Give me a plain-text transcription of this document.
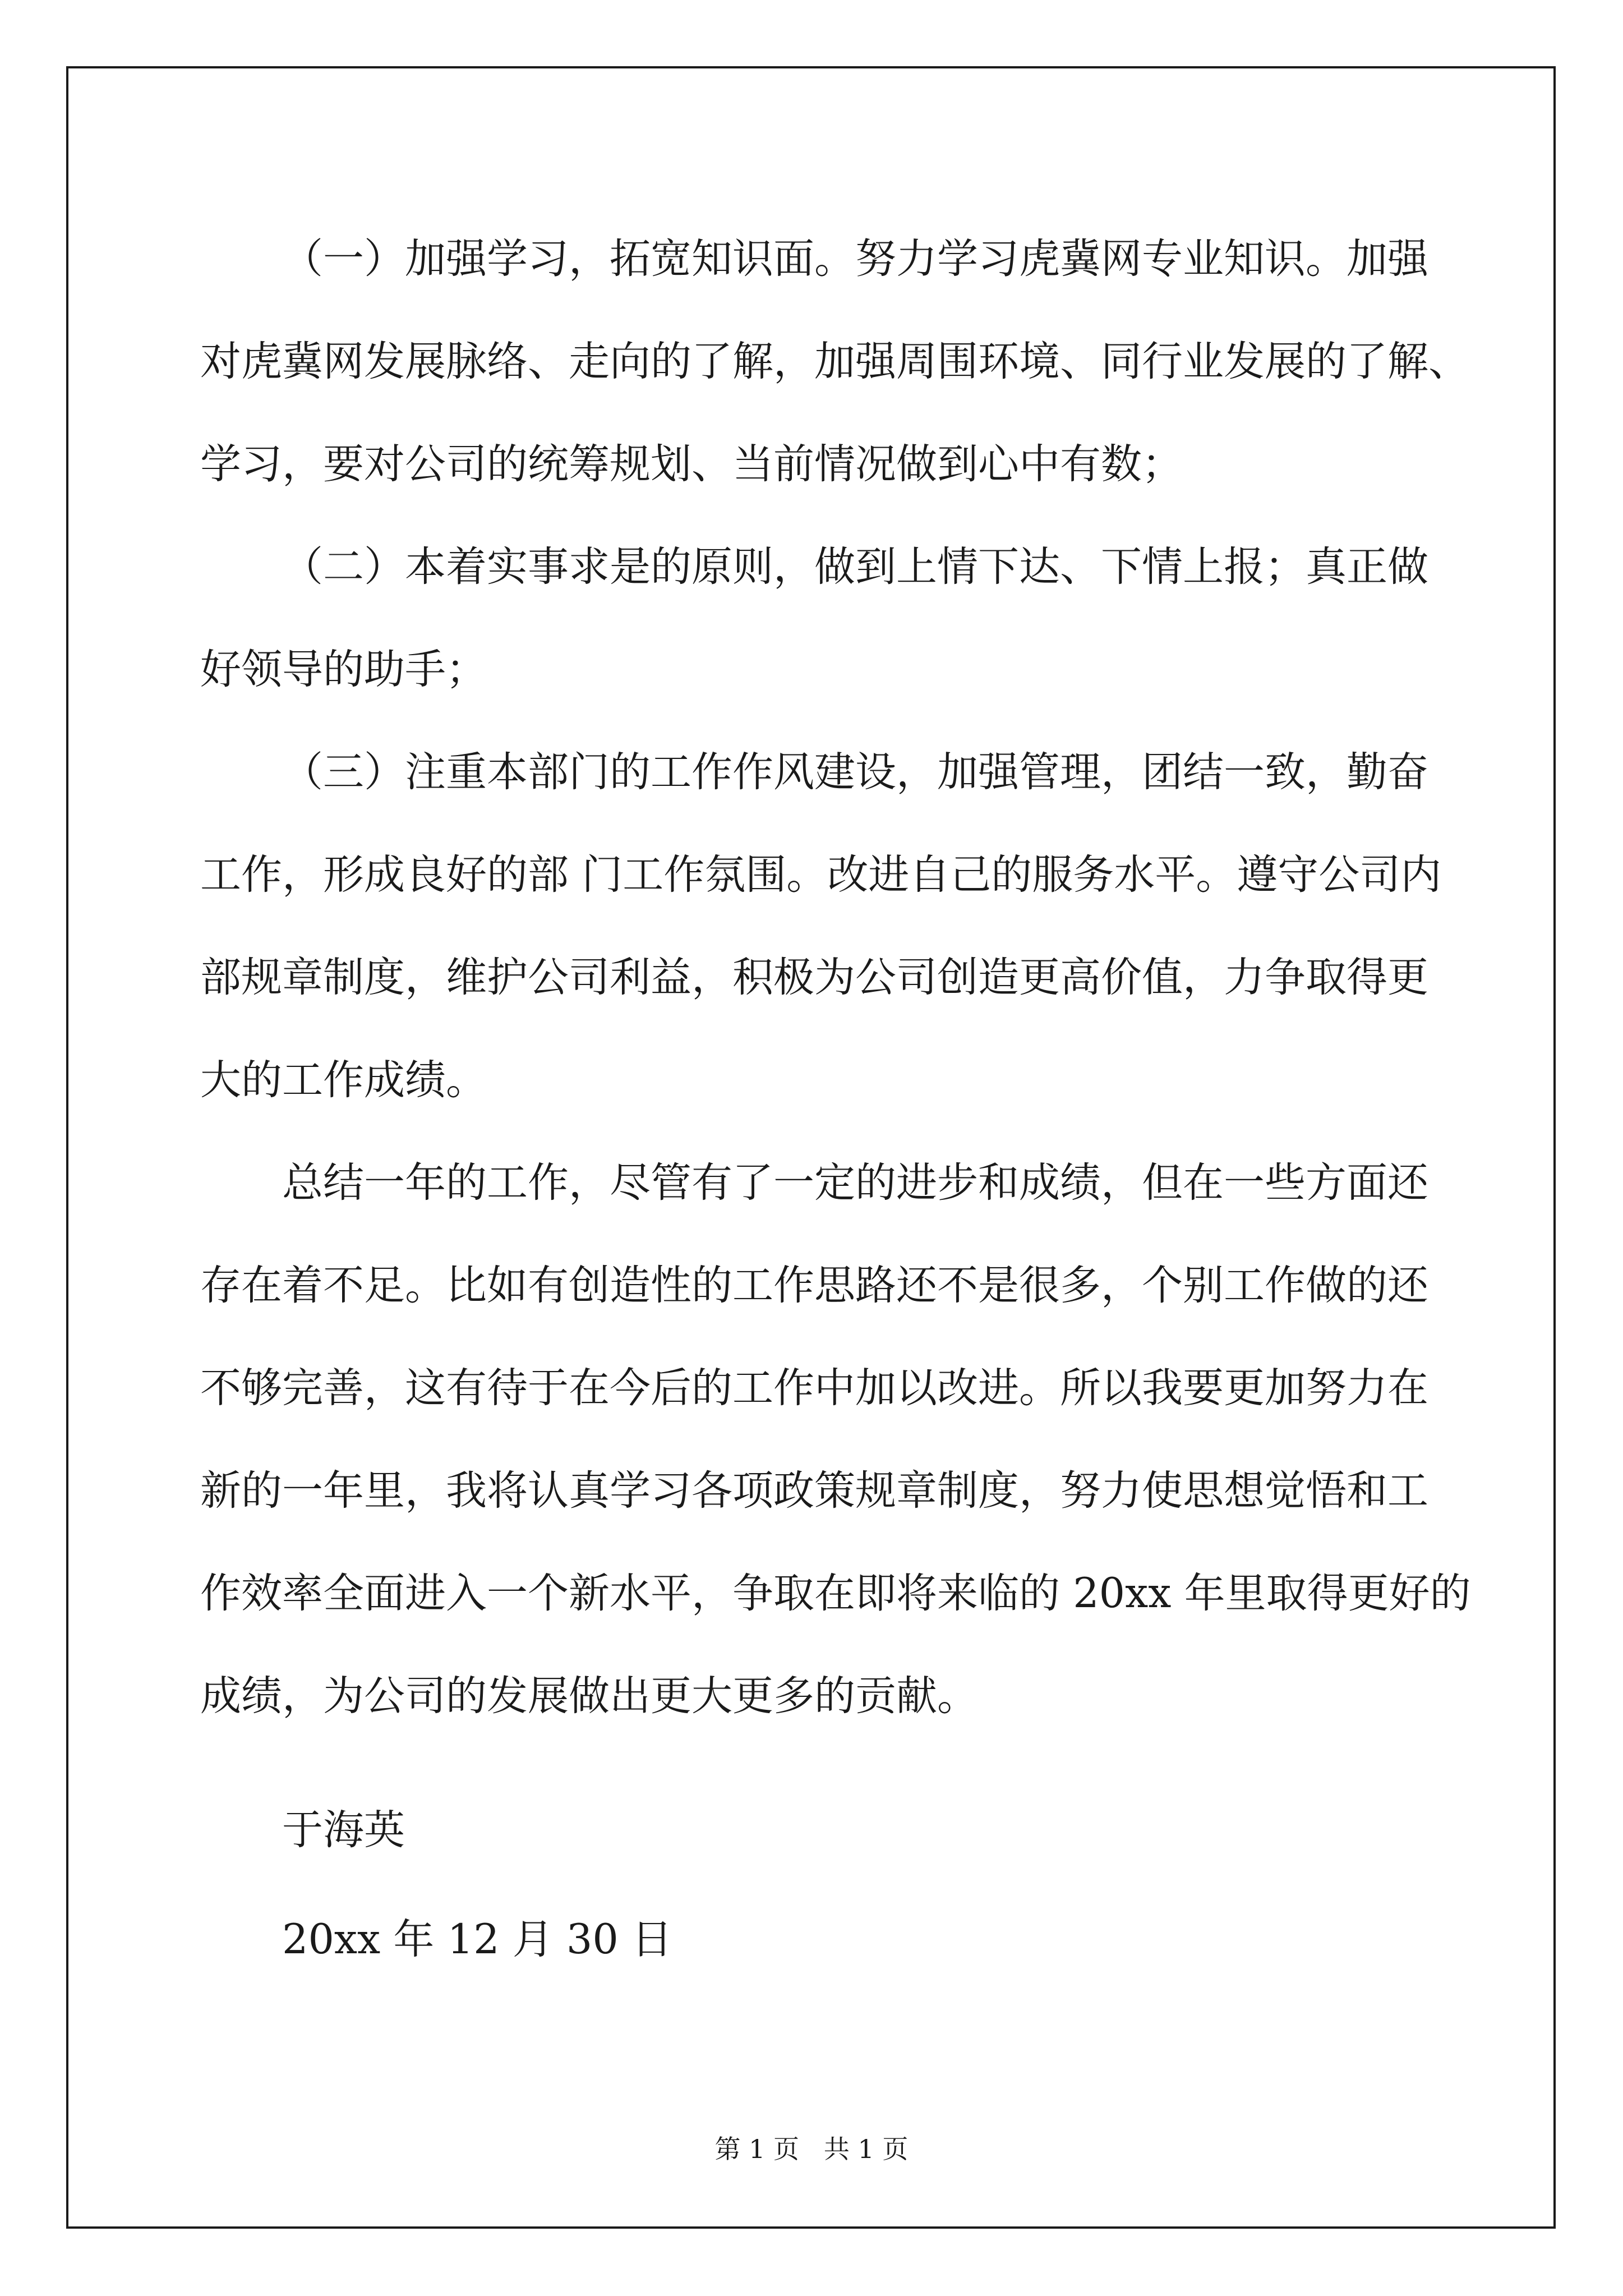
（一）加强学习，拓宽知识面。努力学习虎冀网专业知识。加强
对虎冀网发展脉络、走向的了解，加强周围环境、同行业发展的了解、
学习，要对公司的统筹规划、当前情况做到心中有数；
（二）本着实事求是的原则，做到上情下达、下情上报；真正做
好领导的助手；
（三）注重本部门的工作作风建设，加强管理，团结一致，勤奋
工作，形成良好的部 门工作氛围。改进自己的服务水平。遵守公司内
部规章制度，维护公司利益，积极为公司创造更高价值，力争取得更
大的工作成绩。
总结一年的工作，尽管有了一定的进步和成绩，但在一些方面还
存在着不足。比如有创造性的工作思路还不是很多，个别工作做的还
不够完善，这有待于在今后的工作中加以改进。所以我要更加努力在
新的一年里，我将认真学习各项政策规章制度，努力使思想觉悟和工
作效率全面进入一个新水平，争取在即将来临的 20xx 年里取得更好的
成绩，为公司的发展做出更大更多的贡献。
于海英
20xx 年 12 月 30 日
第 1 页   共 1 页
